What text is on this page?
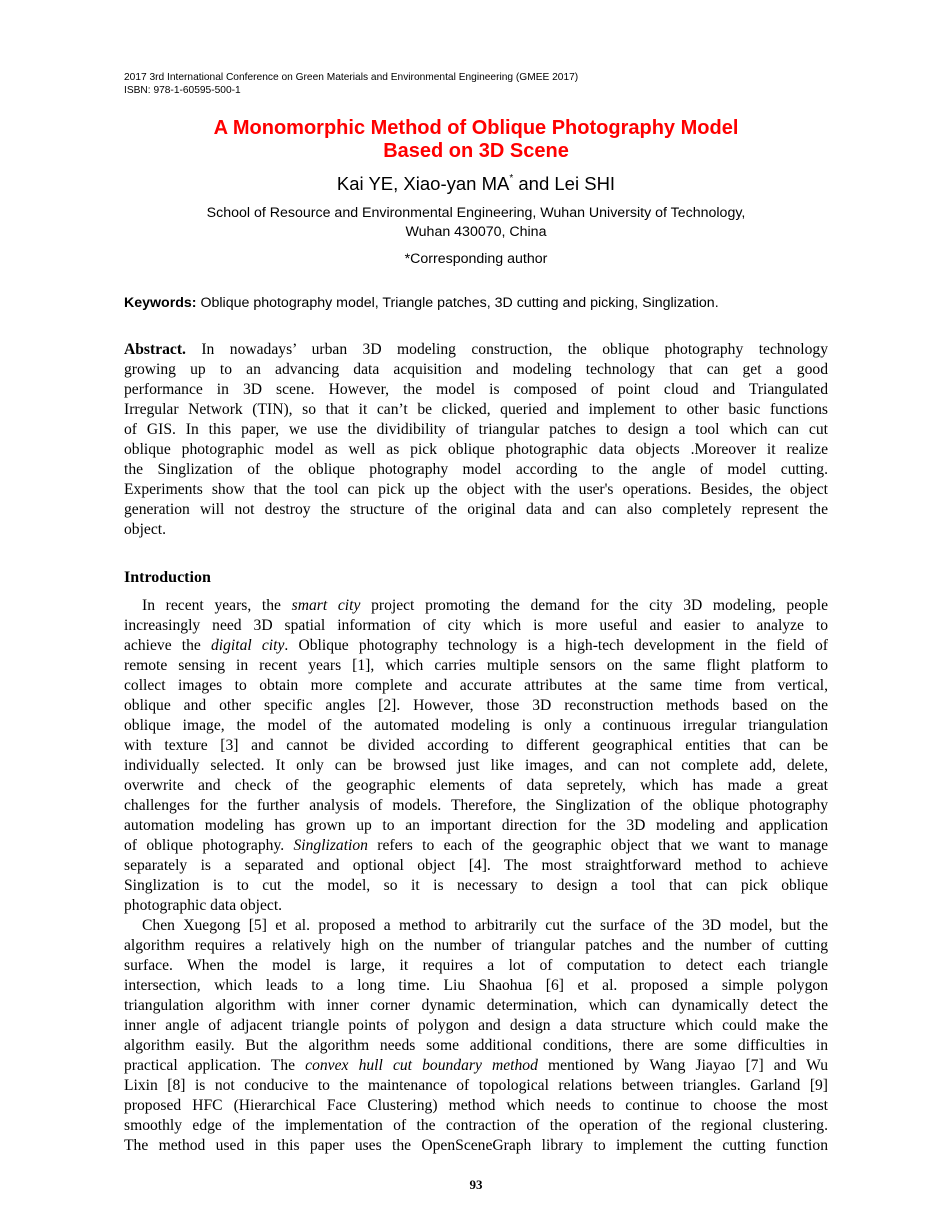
2017 3rd International Conference on Green Materials and Environmental Engineering (GMEE 2017)
ISBN: 978-1-60595-500-1
A Monomorphic Method of Oblique Photography Model
Based on 3D Scene
Kai YE, Xiao-yan MA* and Lei SHI
School of Resource and Environmental Engineering, Wuhan University of Technology,
Wuhan 430070, China
*Corresponding author
Keywords: Oblique photography model, Triangle patches, 3D cutting and picking, Singlization.
Abstract. In nowadays’ urban 3D modeling construction, the oblique photography technology
growing up to an advancing data acquisition and modeling technology that can get a good
performance in 3D scene. However, the model is composed of point cloud and Triangulated
Irregular Network (TIN), so that it can’t be clicked, queried and implement to other basic functions
of GIS. In this paper, we use the dividibility of triangular patches to design a tool which can cut
oblique photographic model as well as pick oblique photographic data objects .Moreover it realize
the Singlization of the oblique photography model according to the angle of model cutting.
Experiments show that the tool can pick up the object with the user's operations. Besides, the object
generation will not destroy the structure of the original data and can also completely represent the
object.
Introduction
In recent years, the smart city project promoting the demand for the city 3D modeling, people
increasingly need 3D spatial information of city which is more useful and easier to analyze to
achieve the digital city. Oblique photography technology is a high-tech development in the field of
remote sensing in recent years [1], which carries multiple sensors on the same flight platform to
collect images to obtain more complete and accurate attributes at the same time from vertical,
oblique and other specific angles [2]. However, those 3D reconstruction methods based on the
oblique image, the model of the automated modeling is only a continuous irregular triangulation
with texture [3] and cannot be divided according to different geographical entities that can be
individually selected. It only can be browsed just like images, and can not complete add, delete,
overwrite and check of the geographic elements of data sepretely, which has made a great
challenges for the further analysis of models. Therefore, the Singlization of the oblique photography
automation modeling has grown up to an important direction for the 3D modeling and application
of oblique photography. Singlization refers to each of the geographic object that we want to manage
separately is a separated and optional object [4]. The most straightforward method to achieve
Singlization is to cut the model, so it is necessary to design a tool that can pick oblique
photographic data object.
Chen Xuegong [5] et al. proposed a method to arbitrarily cut the surface of the 3D model, but the
algorithm requires a relatively high on the number of triangular patches and the number of cutting
surface. When the model is large, it requires a lot of computation to detect each triangle
intersection, which leads to a long time. Liu Shaohua [6] et al. proposed a simple polygon
triangulation algorithm with inner corner dynamic determination, which can dynamically detect the
inner angle of adjacent triangle points of polygon and design a data structure which could make the
algorithm easily. But the algorithm needs some additional conditions, there are some difficulties in
practical application. The convex hull cut boundary method mentioned by Wang Jiayao [7] and Wu
Lixin [8] is not conducive to the maintenance of topological relations between triangles. Garland [9]
proposed HFC (Hierarchical Face Clustering) method which needs to continue to choose the most
smoothly edge of the implementation of the contraction of the operation of the regional clustering.
The method used in this paper uses the OpenSceneGraph library to implement the cutting function
93
